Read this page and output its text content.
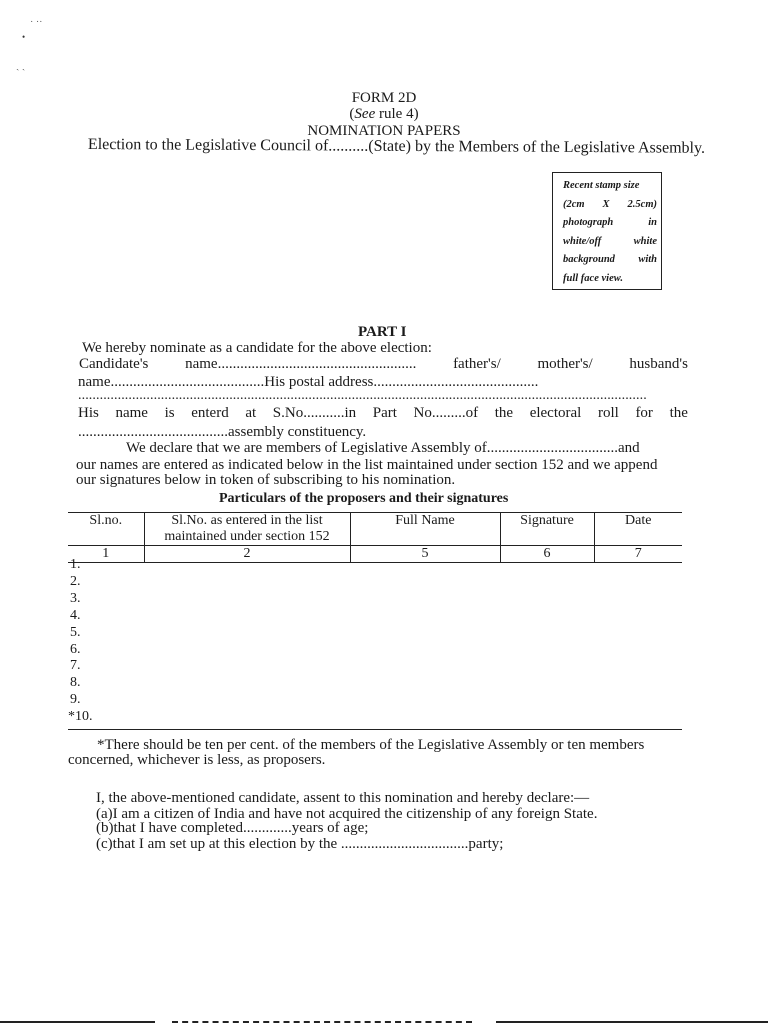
˙ ˙˙
•
ˏ ˏ
FORM 2D
(See rule 4)
NOMINATION PAPERS
Election to the Legislative Council of..........(State) by the Members of the Legislative Assembly.
Recent stamp size
(2cm X 2.5cm)
photograph	in
white/off	white
background with
full face view.
PART I
We hereby nominate as a candidate for the above election:
Candidate's name..................................................... father's/ mother's/ husband's
name.........................................His postal address............................................
..............................................................................................................................................................
His name is enterd at S.No...........in Part No.........of the electoral roll for the
........................................assembly constituency.
We declare that we are members of Legislative Assembly of...................................and
our names are entered as indicated below in the list maintained under section 152 and we append
our signatures below in token of subscribing to his nomination.
Particulars of the proposers and their signatures
Sl.no.	Sl.No. as entered in the list maintained under section 152	Full Name	Signature	Date
1	2	5	6	7
1.
2.
3.
4.
5.
6.
7.
8.
9.
*10.
*There should be ten per cent. of the members of the Legislative Assembly or ten members
concerned, whichever is less, as proposers.
I, the above-mentioned candidate, assent to this nomination and hereby declare:—
(a)I am a citizen of India and have not acquired the citizenship of any foreign State.
(b)that I have completed.............years of age;
(c)that I am set up at this election by the ..................................party;
